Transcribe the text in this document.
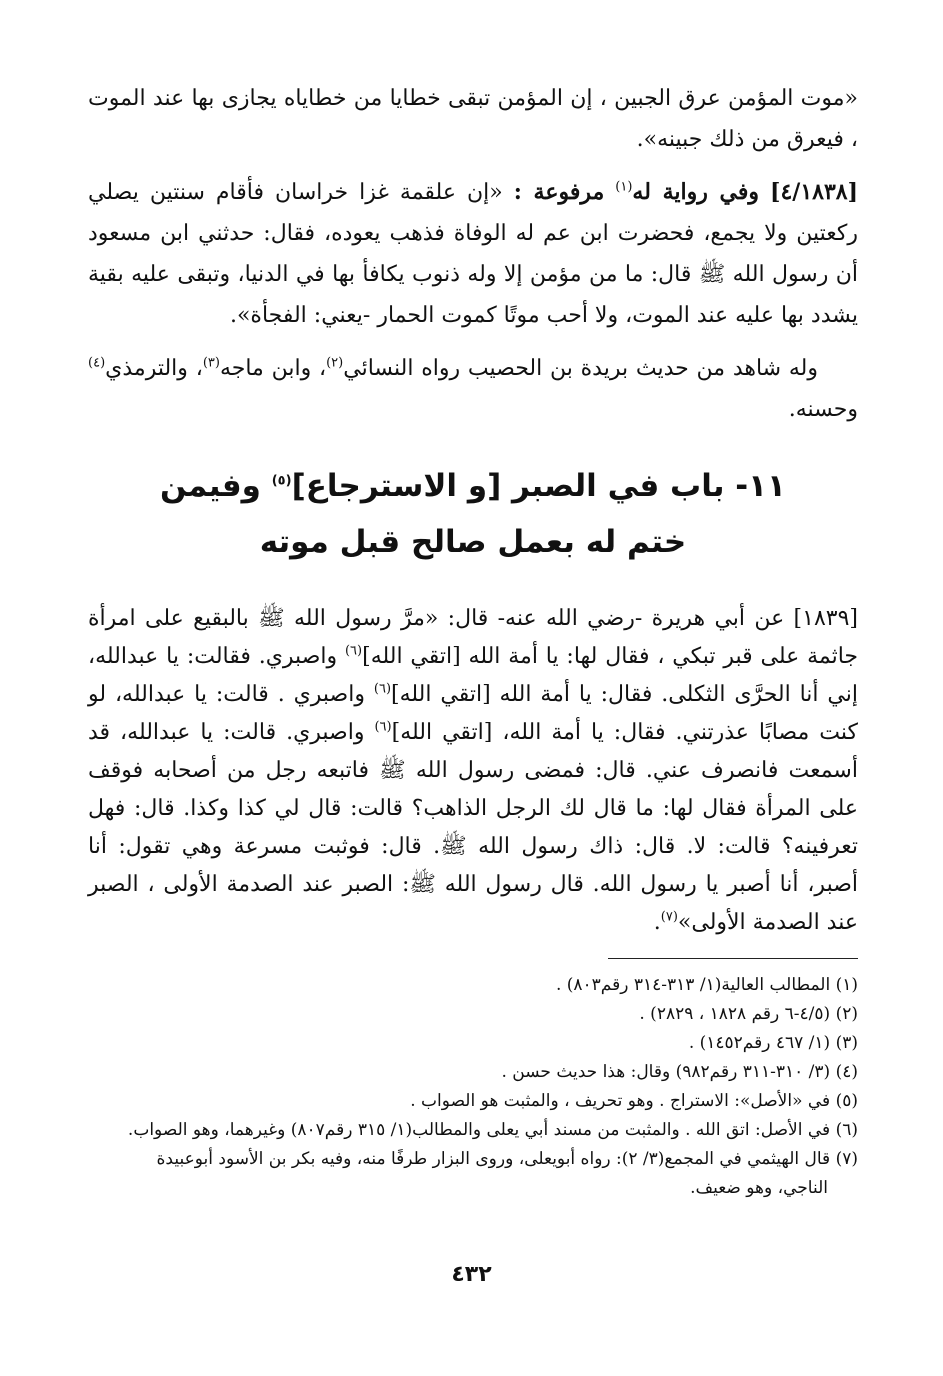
«موت المؤمن عرق الجبين ، إن المؤمن تبقى خطايا من خطاياه يجازى بها عند الموت ، فيعرق من ذلك جبينه».

[٤/١٨٣٨] وفي رواية له$^{(١)}$ مرفوعة : «إن علقمة غزا خراسان فأقام سنتين يصلي ركعتين ولا يجمع، فحضرت ابن عم له الوفاة فذهب يعوده، فقال: حدثني ابن مسعود أن رسول الله ﷺ قال: ما من مؤمن إلا وله ذنوب يكافأ بها في الدنيا، وتبقى عليه بقية يشدد بها عليه عند الموت، ولا أحب موتًا كموت الحمار -يعني: الفجأة».

وله شاهد من حديث بريدة بن الحصيب رواه النسائي$^{(٢)}$، وابن ماجه$^{(٣)}$، والترمذي$^{(٤)}$ وحسنه.

١١- باب في الصبر [و الاسترجاع]$^{(٥)}$ وفيمن
ختم له بعمل صالح قبل موته

[١٨٣٩] عن أبي هريرة -رضي الله عنه- قال: «مرَّ رسول الله ﷺ بالبقيع على امرأة جاثمة على قبر تبكي ، فقال لها: يا أمة الله [اتقي الله]$^{(٦)}$ واصبري. فقالت: يا عبدالله، إني أنا الحرَّى الثكلى. فقال: يا أمة الله [اتقي الله]$^{(٦)}$ واصبري . قالت: يا عبدالله، لو كنت مصابًا عذرتني. فقال: يا أمة الله، [اتقي الله]$^{(٦)}$ واصبري. قالت: يا عبدالله، قد أسمعت فانصرف عني. قال: فمضى رسول الله ﷺ فاتبعه رجل من أصحابه فوقف على المرأة فقال لها: ما قال لك الرجل الذاهب؟ قالت: قال لي كذا وكذا. قال: فهل تعرفينه؟ قالت: لا. قال: ذاك رسول الله ﷺ. قال: فوثبت مسرعة وهي تقول: أنا أصبر، أنا أصبر يا رسول الله. قال رسول الله ﷺ: الصبر عند الصدمة الأولى ، الصبر عند الصدمة الأولى»$^{(٧)}$.

(١) المطالب العالية(١/ ٣١٣-٣١٤ رقم٨٠٣) .

(٢) (٤/٥-٦ رقم ١٨٢٨ ، ٢٨٢٩) .

(٣) (١/ ٤٦٧ رقم١٤٥٢) .

(٤) (٣/ ٣١٠-٣١١ رقم٩٨٢) وقال: هذا حديث حسن .

(٥) في «الأصل»: الاستراج . وهو تحريف ، والمثبت هو الصواب .

(٦) في الأصل: اتق الله . والمثبت من مسند أبي يعلى والمطالب(١/ ٣١٥ رقم٨٠٧) وغيرهما، وهو الصواب.

(٧) قال الهيثمي في المجمع(٣/ ٢): رواه أبويعلى، وروى البزار طرفًا منه، وفيه بكر بن الأسود أبوعبيدة

الناجي، وهو ضعيف.

٤٣٢
